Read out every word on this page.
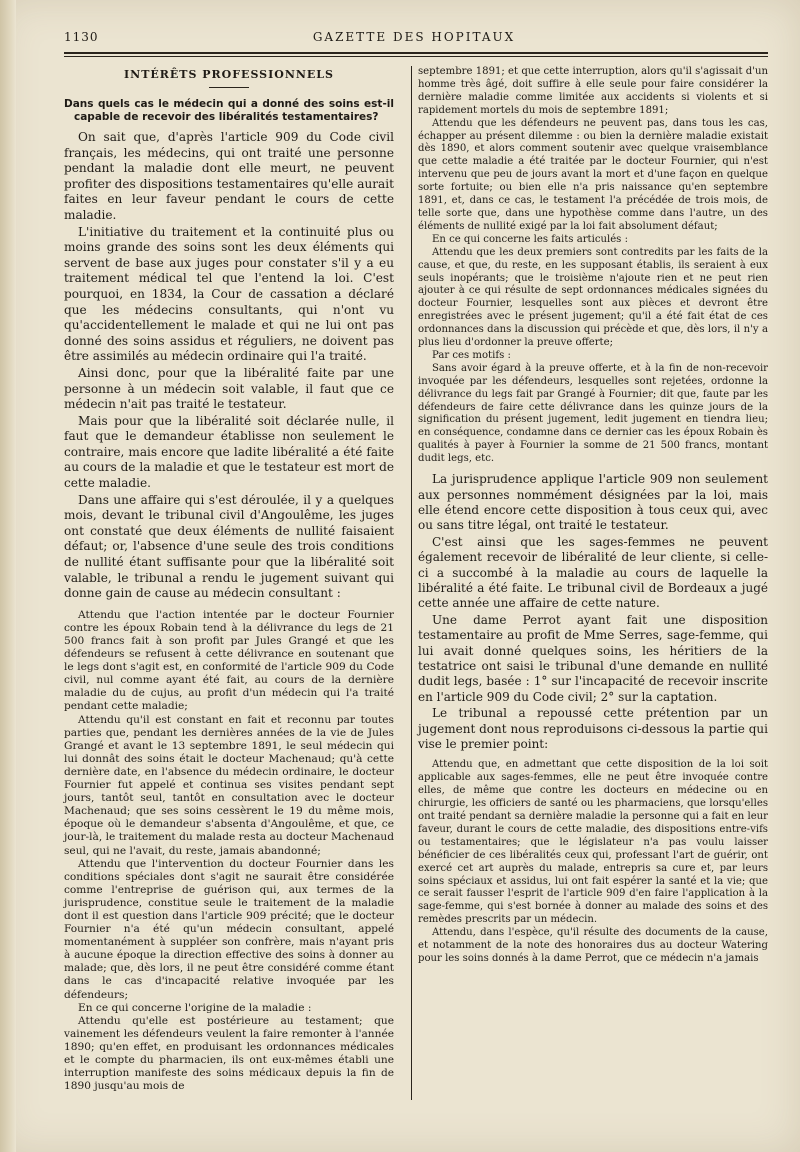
1130	GAZETTE DES HOPITAUX
INTÉRÊTS PROFESSIONNELS

Dans quels cas le médecin qui a donné des soins est-il capable de recevoir des libéralités testamentaires?

On sait que, d'après l'article 909 du Code civil français, les médecins, qui ont traité une personne pendant la maladie dont elle meurt, ne peuvent profiter des dispositions testamentaires qu'elle aurait faites en leur faveur pendant le cours de cette maladie.

L'initiative du traitement et la continuité plus ou moins grande des soins sont les deux éléments qui servent de base aux juges pour constater s'il y a eu traitement médical tel que l'entend la loi. C'est pourquoi, en 1834, la Cour de cassation a déclaré que les médecins consultants, qui n'ont vu qu'accidentellement le malade et qui ne lui ont pas donné des soins assidus et réguliers, ne doivent pas être assimilés au médecin ordinaire qui l'a traité.

Ainsi donc, pour que la libéralité faite par une personne à un médecin soit valable, il faut que ce médecin n'ait pas traité le testateur.

Mais pour que la libéralité soit déclarée nulle, il faut que le demandeur établisse non seulement le contraire, mais encore que ladite libéralité a été faite au cours de la maladie et que le testateur est mort de cette maladie.

Dans une affaire qui s'est déroulée, il y a quelques mois, devant le tribunal civil d'Angoulême, les juges ont constaté que deux éléments de nullité faisaient défaut; or, l'absence d'une seule des trois conditions de nullité étant suffisante pour que la libéralité soit valable, le tribunal a rendu le jugement suivant qui donne gain de cause au médecin consultant :

Attendu que l'action intentée par le docteur Fournier contre les époux Robain tend à la délivrance du legs de 21 500 francs fait à son profit par Jules Grangé et que les défendeurs se refusent à cette délivrance en soutenant que le legs dont s'agit est, en conformité de l'article 909 du Code civil, nul comme ayant été fait, au cours de la dernière maladie du de cujus, au profit d'un médecin qui l'a traité pendant cette maladie;

Attendu qu'il est constant en fait et reconnu par toutes parties que, pendant les dernières années de la vie de Jules Grangé et avant le 13 septembre 1891, le seul médecin qui lui donnât des soins était le docteur Machenaud; qu'à cette dernière date, en l'absence du médecin ordinaire, le docteur Fournier fut appelé et continua ses visites pendant sept jours, tantôt seul, tantôt en consultation avec le docteur Machenaud; que ses soins cessèrent le 19 du même mois, époque où le demandeur s'absenta d'Angoulême, et que, ce jour-là, le traitement du malade resta au docteur Machenaud seul, qui ne l'avait, du reste, jamais abandonné;

Attendu que l'intervention du docteur Fournier dans les conditions spéciales dont s'agit ne saurait être considérée comme l'entreprise de guérison qui, aux termes de la jurisprudence, constitue seule le traitement de la maladie dont il est question dans l'article 909 précité; que le docteur Fournier n'a été qu'un médecin consultant, appelé momentanément à suppléer son confrère, mais n'ayant pris à aucune époque la direction effective des soins à donner au malade; que, dès lors, il ne peut être considéré comme étant dans le cas d'incapacité relative invoquée par les défendeurs;

En ce qui concerne l'origine de la maladie :

Attendu qu'elle est postérieure au testament; que vainement les défendeurs veulent la faire remonter à l'année 1890; qu'en effet, en produisant les ordonnances médicales et le compte du pharmacien, ils ont eux-mêmes établi une interruption manifeste des soins médicaux depuis la fin de 1890 jusqu'au mois de

septembre 1891; et que cette interruption, alors qu'il s'agissait d'un homme très âgé, doit suffire à elle seule pour faire considérer la dernière maladie comme limitée aux accidents si violents et si rapidement mortels du mois de septembre 1891;

Attendu que les défendeurs ne peuvent pas, dans tous les cas, échapper au présent dilemme : ou bien la dernière maladie existait dès 1890, et alors comment soutenir avec quelque vraisemblance que cette maladie a été traitée par le docteur Fournier, qui n'est intervenu que peu de jours avant la mort et d'une façon en quelque sorte fortuite; ou bien elle n'a pris naissance qu'en septembre 1891, et, dans ce cas, le testament l'a précédée de trois mois, de telle sorte que, dans une hypothèse comme dans l'autre, un des éléments de nullité exigé par la loi fait absolument défaut;

En ce qui concerne les faits articulés :

Attendu que les deux premiers sont contredits par les faits de la cause, et que, du reste, en les supposant établis, ils seraient à eux seuls inopérants; que le troisième n'ajoute rien et ne peut rien ajouter à ce qui résulte de sept ordonnances médicales signées du docteur Fournier, lesquelles sont aux pièces et devront être enregistrées avec le présent jugement; qu'il a été fait état de ces ordonnances dans la discussion qui précède et que, dès lors, il n'y a plus lieu d'ordonner la preuve offerte;

Par ces motifs :

Sans avoir égard à la preuve offerte, et à la fin de non-recevoir invoquée par les défendeurs, lesquelles sont rejetées, ordonne la délivrance du legs fait par Grangé à Fournier; dit que, faute par les défendeurs de faire cette délivrance dans les quinze jours de la signification du présent jugement, ledit jugement en tiendra lieu; en conséquence, condamne dans ce dernier cas les époux Robain ès qualités à payer à Fournier la somme de 21 500 francs, montant dudit legs, etc.

La jurisprudence applique l'article 909 non seulement aux personnes nommément désignées par la loi, mais elle étend encore cette disposition à tous ceux qui, avec ou sans titre légal, ont traité le testateur.

C'est ainsi que les sages-femmes ne peuvent également recevoir de libéralité de leur cliente, si celle-ci a succombé à la maladie au cours de laquelle la libéralité a été faite. Le tribunal civil de Bordeaux a jugé cette année une affaire de cette nature.

Une dame Perrot ayant fait une disposition testamentaire au profit de Mme Serres, sage-femme, qui lui avait donné quelques soins, les héritiers de la testatrice ont saisi le tribunal d'une demande en nullité dudit legs, basée : 1° sur l'incapacité de recevoir inscrite en l'article 909 du Code civil; 2° sur la captation.

Le tribunal a repoussé cette prétention par un jugement dont nous reproduisons ci-dessous la partie qui vise le premier point:

Attendu que, en admettant que cette disposition de la loi soit applicable aux sages-femmes, elle ne peut être invoquée contre elles, de même que contre les docteurs en médecine ou en chirurgie, les officiers de santé ou les pharmaciens, que lorsqu'elles ont traité pendant sa dernière maladie la personne qui a fait en leur faveur, durant le cours de cette maladie, des dispositions entre-vifs ou testamentaires; que le législateur n'a pas voulu laisser bénéficier de ces libéralités ceux qui, professant l'art de guérir, ont exercé cet art auprès du malade, entrepris sa cure et, par leurs soins spéciaux et assidus, lui ont fait espérer la santé et la vie; que ce serait fausser l'esprit de l'article 909 d'en faire l'application à la sage-femme, qui s'est bornée à donner au malade des soins et des remèdes prescrits par un médecin.

Attendu, dans l'espèce, qu'il résulte des documents de la cause, et notamment de la note des honoraires dus au docteur Watering pour les soins donnés à la dame Perrot, que ce médecin n'a jamais
